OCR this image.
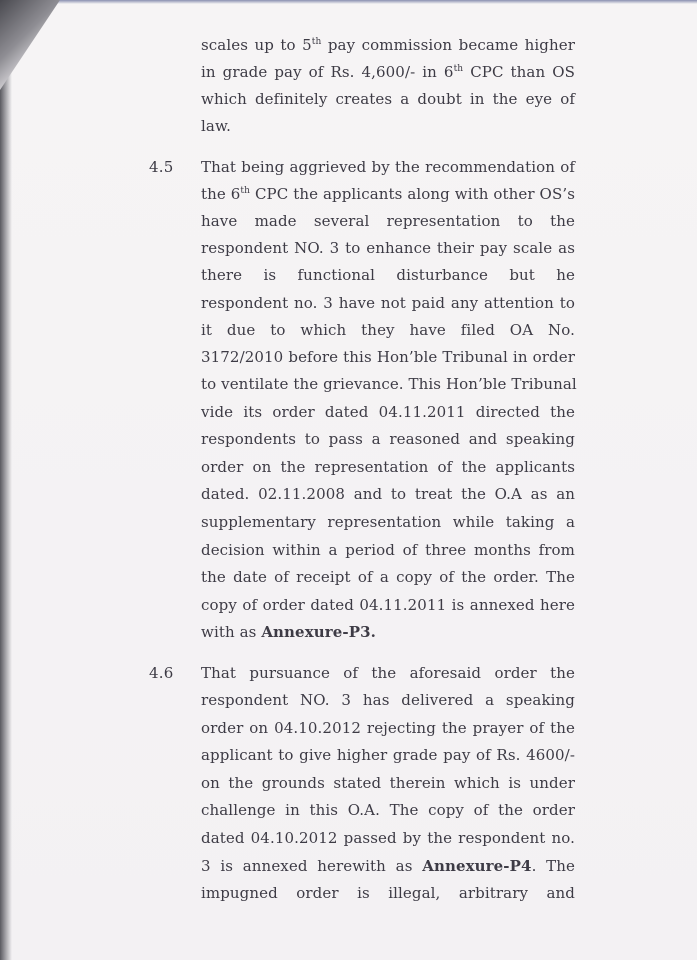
scales up to 5th pay commission became higher
in grade pay of Rs. 4,600/- in 6th CPC than OS
which definitely creates a doubt in the eye of
law.
4.5 That being aggrieved by the recommendation of
the 6th CPC the applicants along with other OS’s
have made several representation to the
respondent NO. 3 to enhance their pay scale as
there is functional disturbance but he
respondent no. 3 have not paid any attention to
it due to which they have filed OA No.
3172/2010 before this Hon’ble Tribunal in order
to ventilate the grievance. This Hon’ble Tribunal
vide its order dated 04.11.2011 directed the
respondents to pass a reasoned and speaking
order on the representation of the applicants
dated. 02.11.2008 and to treat the O.A as an
supplementary representation while taking a
decision within a period of three months from
the date of receipt of a copy of the order. The
copy of order dated 04.11.2011 is annexed here
with as Annexure-P3.
4.6 That pursuance of the aforesaid order the
respondent NO. 3 has delivered a speaking
order on 04.10.2012 rejecting the prayer of the
applicant to give higher grade pay of Rs. 4600/-
on the grounds stated therein which is under
challenge in this O.A. The copy of the order
dated 04.10.2012 passed by the respondent no.
3 is annexed herewith as Annexure-P4. The
impugned order is illegal, arbitrary and
